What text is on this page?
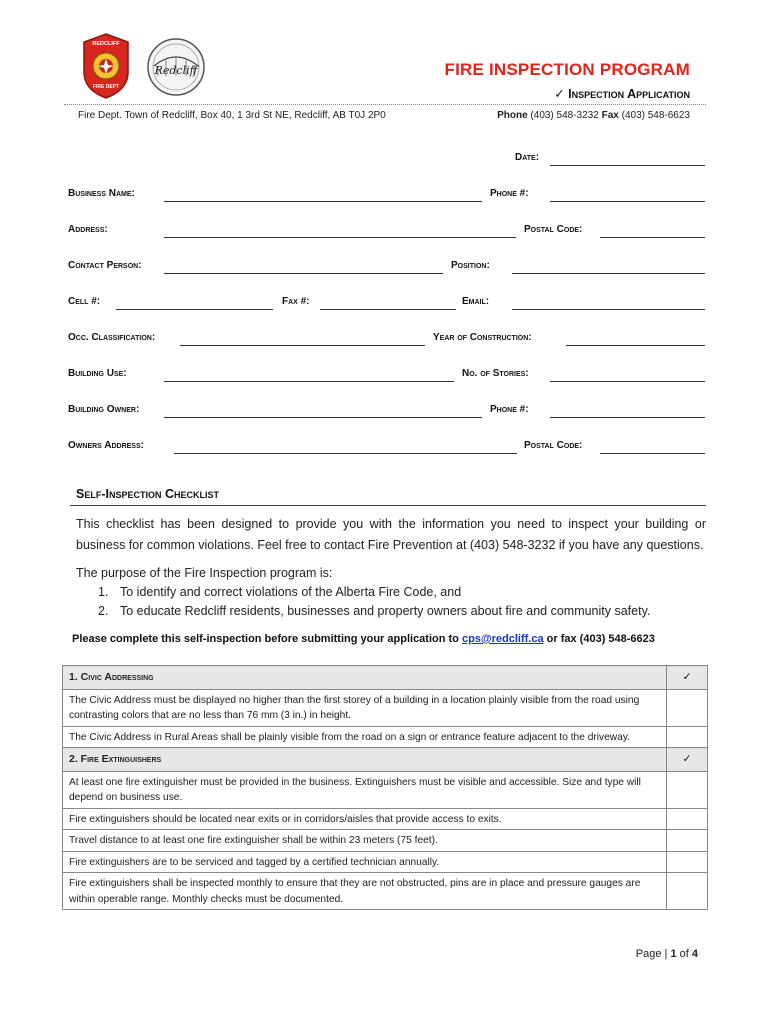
REDCLIFF
FIRE DEPT
Redcliff	FIRE INSPECTION PROGRAM
✓ Inspection Application
Fire Dept. Town of Redcliff, Box 40, 1 3rd St NE, Redcliff, AB T0J 2P0	Phone (403) 548-3232 Fax (403) 548-6623
Date:
Business Name:	Phone #:
Address:	Postal Code:
Contact Person:	Position:
Cell #:	Fax #:	Email:
Occ. Classification:	Year of Construction:
Building Use:	No. of Stories:
Building Owner:	Phone #:
Owners Address:	Postal Code:
Self-Inspection Checklist
This checklist has been designed to provide you with the information you need to inspect your building or business for common violations. Feel free to contact Fire Prevention at (403) 548-3232 if you have any questions.
The purpose of the Fire Inspection program is:
1. To identify and correct violations of the Alberta Fire Code, and
2. To educate Redcliff residents, businesses and property owners about fire and community safety.
Please complete this self-inspection before submitting your application to cps@redcliff.ca or fax (403) 548-6623
1. Civic Addressing	✓
The Civic Address must be displayed no higher than the first storey of a building in a location plainly visible from the road using contrasting colors that are no less than 76 mm (3 in.) in height.	
The Civic Address in Rural Areas shall be plainly visible from the road on a sign or entrance feature adjacent to the driveway.	
2. Fire Extinguishers	✓
At least one fire extinguisher must be provided in the business. Extinguishers must be visible and accessible. Size and type will depend on business use.	
Fire extinguishers should be located near exits or in corridors/aisles that provide access to exits.	
Travel distance to at least one fire extinguisher shall be within 23 meters (75 feet).	
Fire extinguishers are to be serviced and tagged by a certified technician annually.	
Fire extinguishers shall be inspected monthly to ensure that they are not obstructed, pins are in place and pressure gauges are within operable range. Monthly checks must be documented.	
Page | 1 of 4
